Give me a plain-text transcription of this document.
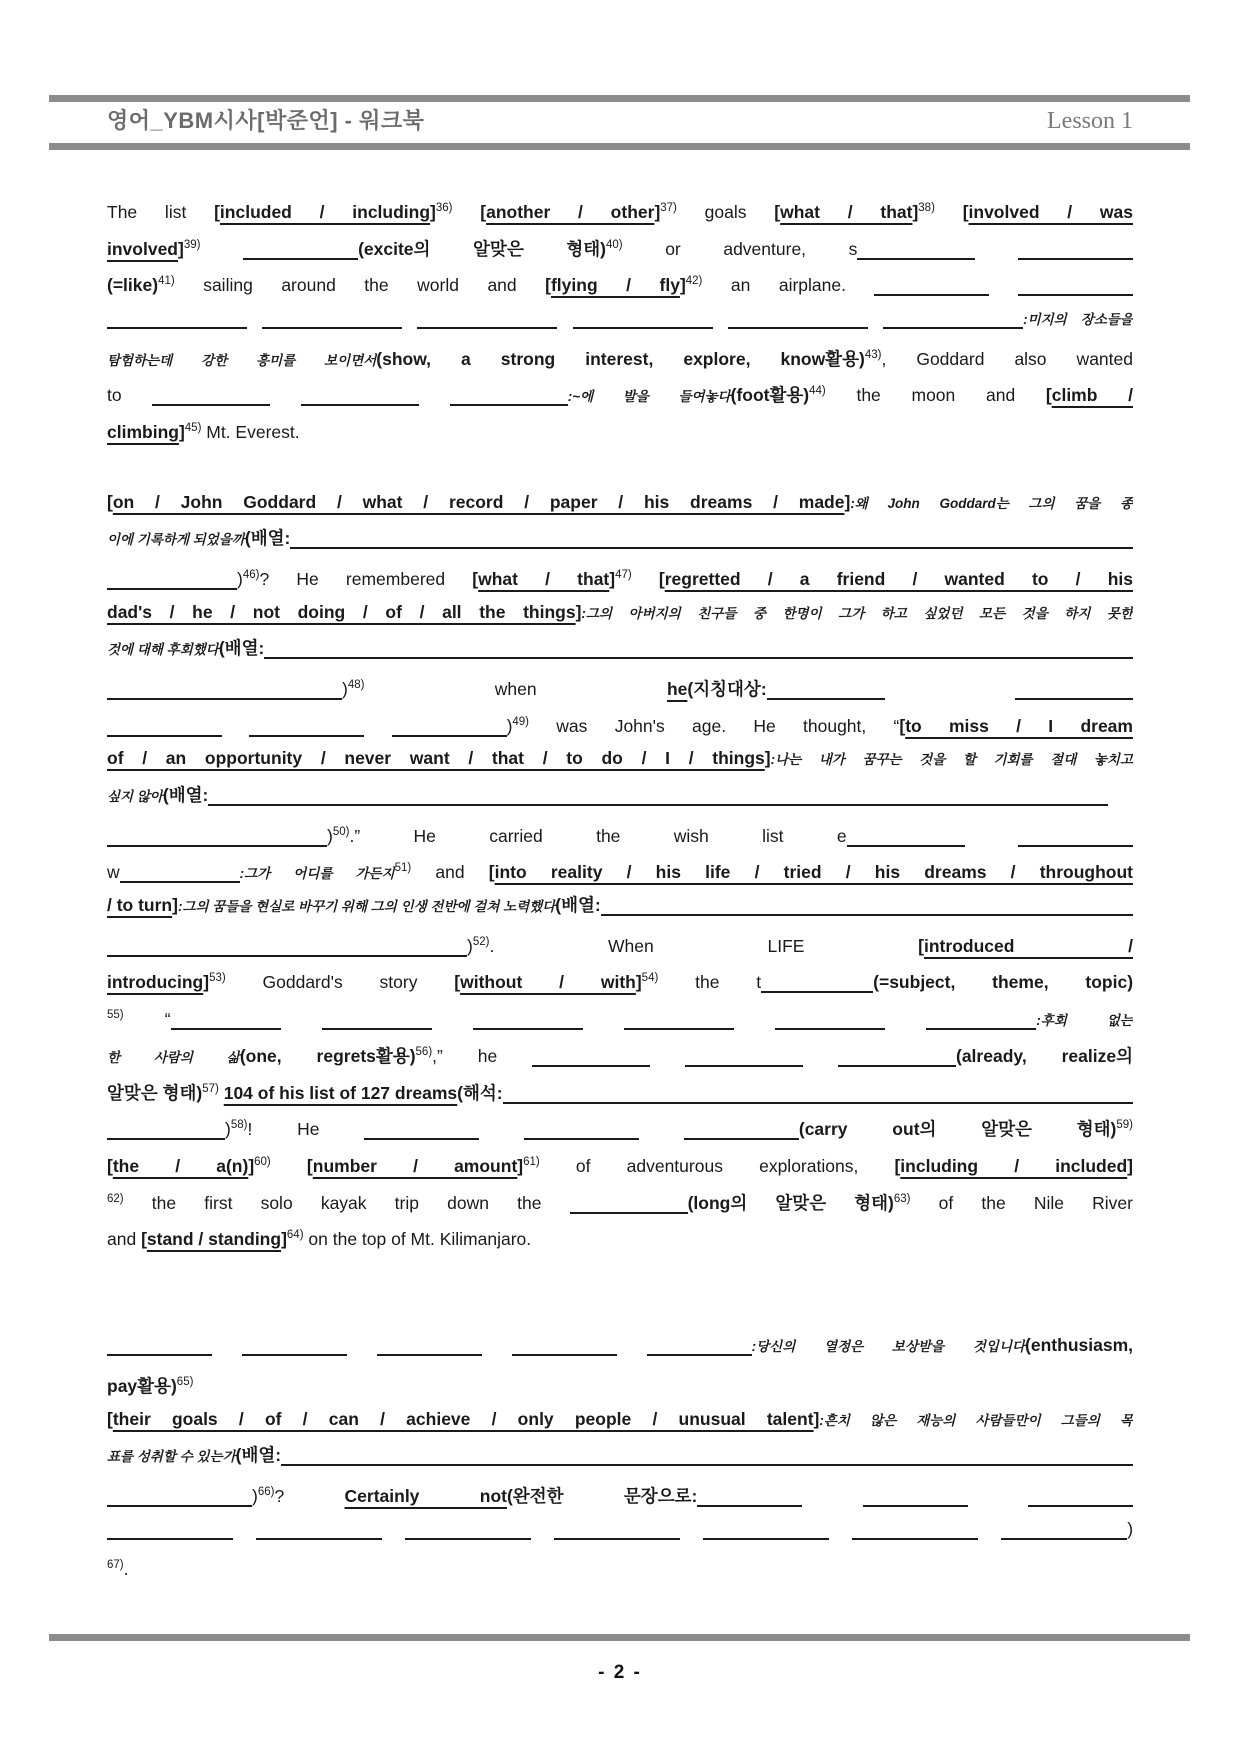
영어_YBM시사[박준언] - 워크북	Lesson 1
The list [included / including]$^{36)}$ [another / other]$^{37)}$ goals [what / that]$^{38)}$ [involved / was
involved]$^{39)}$	(excite의 알맞은 형태)$^{40)}$ or adventure, s
(=like)$^{41)}$ sailing around the world and [flying / fly]$^{42)}$ an airplane.
:미지의 장소들을
탐험하는데 강한 흥미를 보이면서(show, a strong interest, explore, know활용)$^{43)}$, Goddard also wanted
to	:~에 발을 들여놓다(foot활용)$^{44)}$ the moon and [climb /
climbing]$^{45)}$ Mt. Everest.
[on / John Goddard / what / record / paper / his dreams / made]:왜 John Goddard는 그의 꿈을 종
이에 기록하게 되었을까(배열:
)$^{46)}$? He remembered [what / that]$^{47)}$ [regretted / a friend / wanted to / his
dad's / he / not doing / of / all the things]:그의 아버지의 친구들 중 한명이 그가 하고 싶었던 모든 것을 하지 못한
것에 대해 후회했다(배열:
)$^{48)}$ when he(지칭대상:
)$^{49)}$ was John's age. He thought, “[to miss / I dream
of / an opportunity / never want / that / to do / I / things]:나는 내가 꿈꾸는 것을 할 기회를 절대 놓치고
싶지 않아(배열:
)$^{50)}$.” He carried the wish list e
w	:그가 어디를 가든지$^{51)}$ and [into reality / his life / tried / his dreams / throughout
/ to turn]:그의 꿈들을 현실로 바꾸기 위해 그의 인생 전반에 걸쳐 노력했다(배열:
)$^{52)}$. When LIFE [introduced /
introducing]$^{53)}$ Goddard's story [without / with]$^{54)}$ the t	(=subject, theme, topic)
$^{55)}$ “	:후회 없는
한 사람의 삶(one, regrets활용)$^{56)}$,” he	(already, realize의
알맞은 형태)$^{57)}$ 104 of his list of 127 dreams(해석:
)$^{58)}$! He	(carry out의 알맞은 형태)$^{59)}$
[the / a(n)]$^{60)}$ [number / amount]$^{61)}$ of adventurous explorations, [including / included]
$^{62)}$ the first solo kayak trip down the	(long의 알맞은 형태)$^{63)}$ of the Nile River
and [stand / standing]$^{64)}$ on the top of Mt. Kilimanjaro.
:당신의 열정은 보상받을 것입니다(enthusiasm,
pay활용)$^{65)}$
[their goals / of / can / achieve / only people / unusual talent]:흔치 않은 재능의 사람들만이 그들의 목
표를 성취할 수 있는가(배열:
)$^{66)}$? Certainly not(완전한 문장으로:
)
$^{67)}$.
- 2 -
